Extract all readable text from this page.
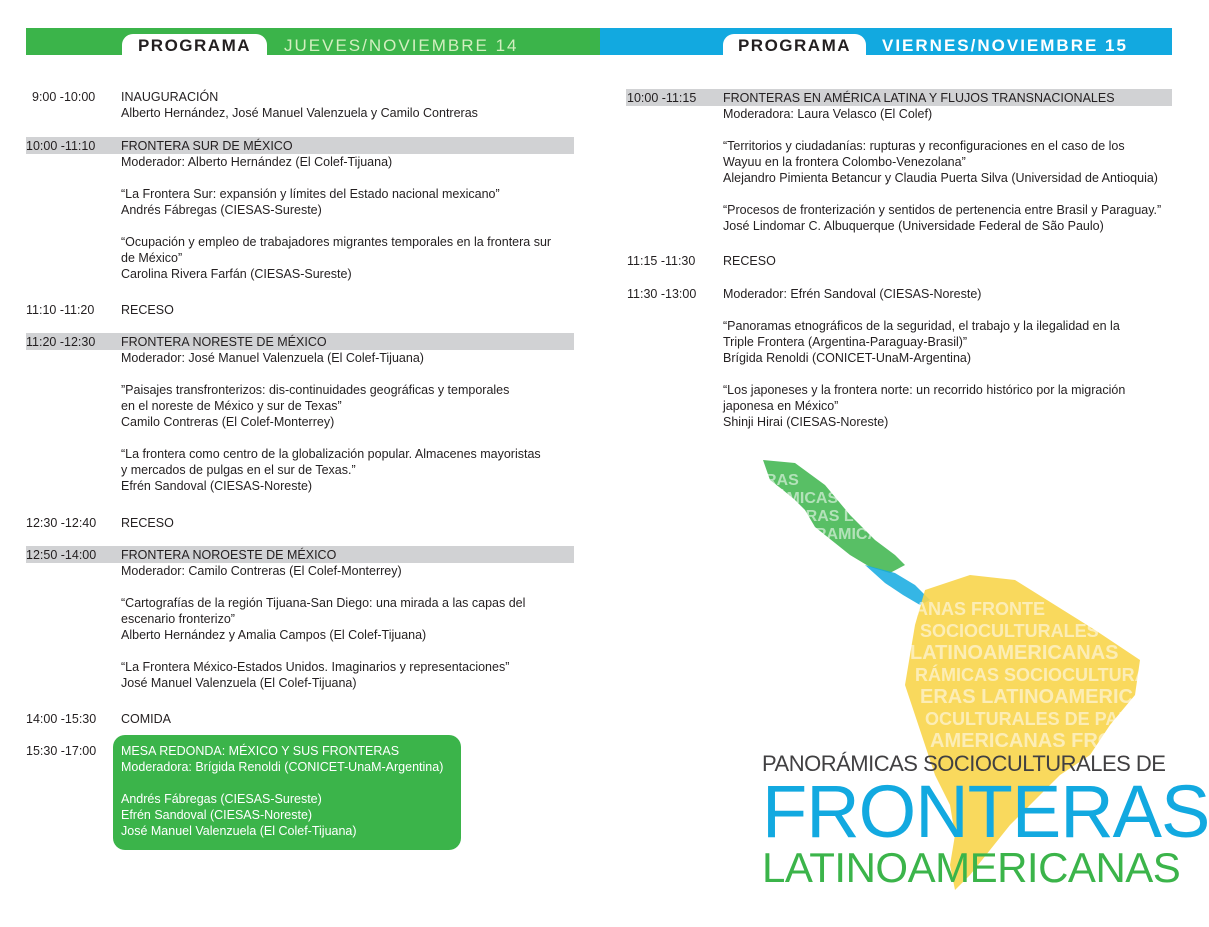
PROGRAMA	JUEVES/NOVIEMBRE 14	PROGRAMA	VIERNES/NOVIEMBRE 15
9:00 -10:00	INAUGURACIÓN
Alberto Hernández, José Manuel Valenzuela y Camilo Contreras
10:00 -11:10	FRONTERA SUR DE MÉXICO
Moderador: Alberto Hernández (El Colef-Tijuana)
“La Frontera Sur: expansión y límites del Estado nacional mexicano”
Andrés Fábregas (CIESAS-Sureste)
“Ocupación y empleo de trabajadores migrantes temporales en la frontera sur
de México”
Carolina Rivera Farfán (CIESAS-Sureste)
11:10 -11:20	RECESO
11:20 -12:30	FRONTERA NORESTE DE MÉXICO
Moderador: José Manuel Valenzuela (El Colef-Tijuana)
”Paisajes transfronterizos: dis-continuidades geográficas y temporales
en el noreste de México y sur de Texas”
Camilo Contreras (El Colef-Monterrey)
“La frontera como centro de la globalización popular. Almacenes mayoristas
y mercados de pulgas en el sur de Texas.”
Efrén Sandoval (CIESAS-Noreste)
12:30 -12:40	RECESO
12:50 -14:00	FRONTERA NOROESTE DE MÉXICO
Moderador: Camilo Contreras (El Colef-Monterrey)
“Cartografías de la región Tijuana-San Diego: una mirada a las capas del
escenario fronterizo”
Alberto Hernández y Amalia Campos (El Colef-Tijuana)
“La Frontera México-Estados Unidos. Imaginarios y representaciones”
José Manuel Valenzuela (El Colef-Tijuana)
14:00 -15:30	COMIDA
15:30 -17:00 MESA REDONDA: MÉXICO Y SUS FRONTERAS
Moderadora: Brígida Renoldi (CONICET-UnaM-Argentina)
Andrés Fábregas (CIESAS-Sureste)
Efrén Sandoval (CIESAS-Noreste)
José Manuel Valenzuela (El Colef-Tijuana)
10:00 -11:15	FRONTERAS EN AMÉRICA LATINA Y FLUJOS TRANSNACIONALES
Moderadora: Laura Velasco (El Colef)
“Territorios y ciudadanías: rupturas y reconfiguraciones en el caso de los
Wayuu en la frontera Colombo-Venezolana”
Alejandro Pimienta Betancur y Claudia Puerta Silva (Universidad de Antioquia)
“Procesos de fronterización y sentidos de pertenencia entre Brasil y Paraguay.”
José Lindomar C. Albuquerque (Universidade Federal de São Paulo)
11:15 -11:30	RECESO
11:30 -13:00	Moderador: Efrén Sandoval (CIESAS-Noreste)
“Panoramas etnográficos de la seguridad, el trabajo y la ilegalidad en la
Triple Frontera (Argentina-Paraguay-Brasil)”
Brígida Renoldi (CONICET-UnaM-Argentina)
“Los japoneses y la frontera norte: un recorrido histórico por la migración
japonesa en México”
Shinji Hirai (CIESAS-Noreste)
RAS
ÁMICAS
ERAS L
RAMICA
ANAS FRONTE
SOCIOCULTURALES
LATINOAMERICANAS
RÁMICAS SOCIOCULTURALES
ERAS LATINOAMERICA
OCULTURALES DE PANOR
AMERICANAS FRONT
PANORÁMICAS SOCIOCULTURALES DE
FRONTERAS
LATINOAMERICANAS
